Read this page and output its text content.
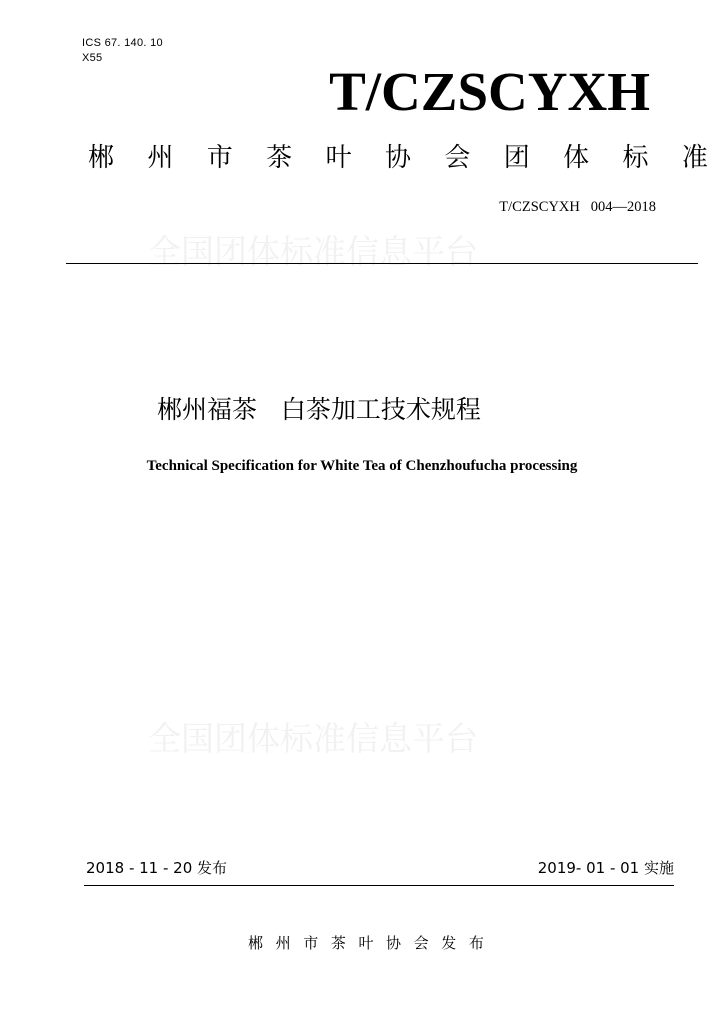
ICS 67. 140. 10
X55
T/CZSCYXH
郴 州 市 茶 叶 协 会 团 体 标 准
T/CZSCYXH   004—2018
全国团体标准信息平台
郴州福茶   白茶加工技术规程
Technical Specification for White Tea of Chenzhoufucha processing
全国团体标准信息平台
2018 - 11 - 20 发布	2019- 01 - 01 实施
郴 州 市 茶 叶 协 会 发 布
